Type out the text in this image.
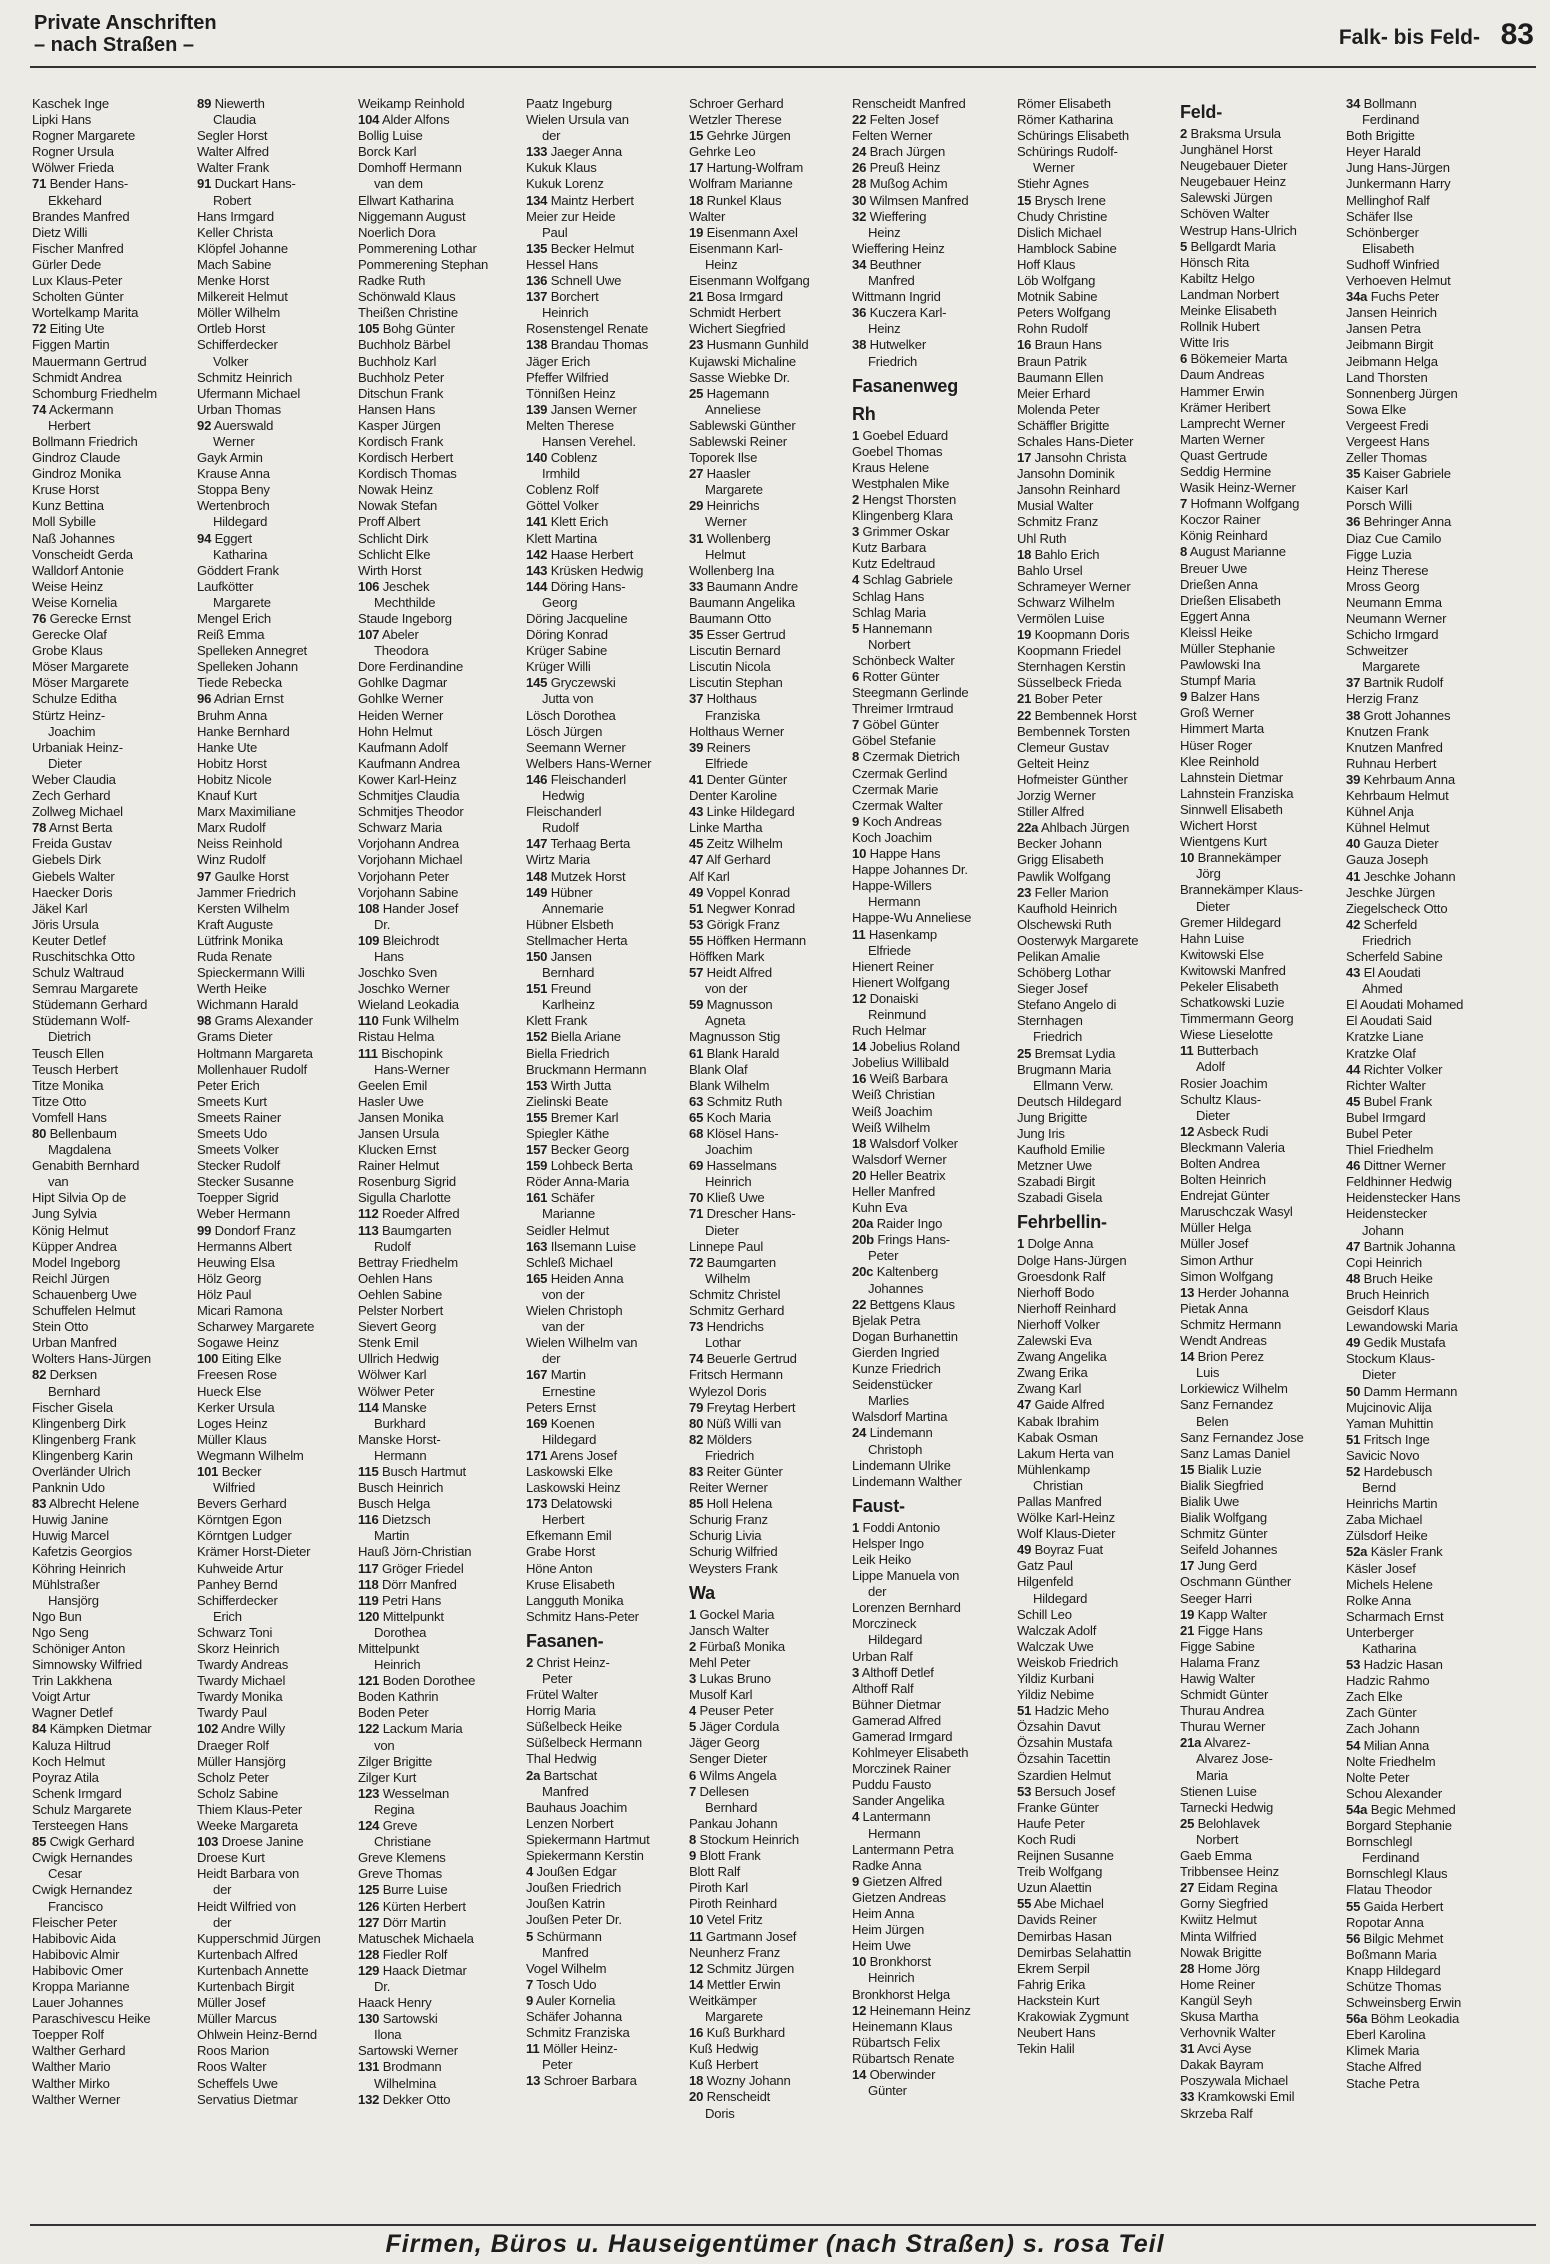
Private Anschriften
– nach Straßen –	Falk- bis Feld- 83
Kaschek Inge
Lipki Hans
Rogner Margarete
Rogner Ursula
Wölwer Frieda
71 Bender Hans-
Ekkehard
Brandes Manfred
Dietz Willi
Fischer Manfred
Gürler Dede
Lux Klaus-Peter
Scholten Günter
Wortelkamp Marita
72 Eiting Ute
Figgen Martin
Mauermann Gertrud
Schmidt Andrea
Schomburg Friedhelm
74 Ackermann
Herbert
Bollmann Friedrich
Gindroz Claude
Gindroz Monika
Kruse Horst
Kunz Bettina
Moll Sybille
Naß Johannes
Vonscheidt Gerda
Walldorf Antonie
Weise Heinz
Weise Kornelia
76 Gerecke Ernst
Gerecke Olaf
Grobe Klaus
Möser Margarete
Möser Margarete
Schulze Editha
Stürtz Heinz-
Joachim
Urbaniak Heinz-
Dieter
Weber Claudia
Zech Gerhard
Zollweg Michael
78 Arnst Berta
Freida Gustav
Giebels Dirk
Giebels Walter
Haecker Doris
Jäkel Karl
Jöris Ursula
Keuter Detlef
Ruschitschka Otto
Schulz Waltraud
Semrau Margarete
Stüdemann Gerhard
Stüdemann Wolf-
Dietrich
Teusch Ellen
Teusch Herbert
Titze Monika
Titze Otto
Vomfell Hans
80 Bellenbaum
Magdalena
Genabith Bernhard
van
Hipt Silvia Op de
Jung Sylvia
König Helmut
Küpper Andrea
Model Ingeborg
Reichl Jürgen
Schauenberg Uwe
Schuffelen Helmut
Stein Otto
Urban Manfred
Wolters Hans-Jürgen
82 Derksen
Bernhard
Fischer Gisela
Klingenberg Dirk
Klingenberg Frank
Klingenberg Karin
Overländer Ulrich
Panknin Udo
83 Albrecht Helene
Huwig Janine
Huwig Marcel
Kafetzis Georgios
Köhring Heinrich
Mühlstraßer
Hansjörg
Ngo Bun
Ngo Seng
Schöniger Anton
Simnowsky Wilfried
Trin Lakkhena
Voigt Artur
Wagner Detlef
84 Kämpken Dietmar
Kaluza Hiltrud
Koch Helmut
Poyraz Atila
Schenk Irmgard
Schulz Margarete
Tersteegen Hans
85 Cwigk Gerhard
Cwigk Hernandes
Cesar
Cwigk Hernandez
Francisco
Fleischer Peter
Habibovic Aida
Habibovic Almir
Habibovic Omer
Kroppa Marianne
Lauer Johannes
Paraschivescu Heike
Toepper Rolf
Walther Gerhard
Walther Mario
Walther Mirko
Walther Werner
89 Niewerth
Claudia
Segler Horst
Walter Alfred
Walter Frank
91 Duckart Hans-
Robert
Hans Irmgard
Keller Christa
Klöpfel Johanne
Mach Sabine
Menke Horst
Milkereit Helmut
Möller Wilhelm
Ortleb Horst
Schifferdecker
Volker
Schmitz Heinrich
Ufermann Michael
Urban Thomas
92 Auerswald
Werner
Gayk Armin
Krause Anna
Stoppa Beny
Wertenbroch
Hildegard
94 Eggert
Katharina
Göddert Frank
Laufkötter
Margarete
Mengel Erich
Reiß Emma
Spelleken Annegret
Spelleken Johann
Tiede Rebecka
96 Adrian Ernst
Bruhm Anna
Hanke Bernhard
Hanke Ute
Hobitz Horst
Hobitz Nicole
Knauf Kurt
Marx Maximiliane
Marx Rudolf
Neiss Reinhold
Winz Rudolf
97 Gaulke Horst
Jammer Friedrich
Kersten Wilhelm
Kraft Auguste
Lütfrink Monika
Ruda Renate
Spieckermann Willi
Werth Heike
Wichmann Harald
98 Grams Alexander
Grams Dieter
Holtmann Margareta
Mollenhauer Rudolf
Peter Erich
Smeets Kurt
Smeets Rainer
Smeets Udo
Smeets Volker
Stecker Rudolf
Stecker Susanne
Toepper Sigrid
Weber Hermann
99 Dondorf Franz
Hermanns Albert
Heuwing Elsa
Hölz Georg
Hölz Paul
Micari Ramona
Scharwey Margarete
Sogawe Heinz
100 Eiting Elke
Freesen Rose
Hueck Else
Kerker Ursula
Loges Heinz
Müller Klaus
Wegmann Wilhelm
101 Becker
Wilfried
Bevers Gerhard
Körntgen Egon
Körntgen Ludger
Krämer Horst-Dieter
Kuhweide Artur
Panhey Bernd
Schifferdecker
Erich
Schwarz Toni
Skorz Heinrich
Twardy Andreas
Twardy Michael
Twardy Monika
Twardy Paul
102 Andre Willy
Draeger Rolf
Müller Hansjörg
Scholz Peter
Scholz Sabine
Thiem Klaus-Peter
Weeke Margareta
103 Droese Janine
Droese Kurt
Heidt Barbara von
der
Heidt Wilfried von
der
Kupperschmid Jürgen
Kurtenbach Alfred
Kurtenbach Annette
Kurtenbach Birgit
Müller Josef
Müller Marcus
Ohlwein Heinz-Bernd
Roos Marion
Roos Walter
Scheffels Uwe
Servatius Dietmar
Weikamp Reinhold
104 Alder Alfons
Bollig Luise
Borck Karl
Domhoff Hermann
van dem
Ellwart Katharina
Niggemann August
Noerlich Dora
Pommerening Lothar
Pommerening Stephan
Radke Ruth
Schönwald Klaus
Theißen Christine
105 Bohg Günter
Buchholz Bärbel
Buchholz Karl
Buchholz Peter
Ditschun Frank
Hansen Hans
Kasper Jürgen
Kordisch Frank
Kordisch Herbert
Kordisch Thomas
Nowak Heinz
Nowak Stefan
Proff Albert
Schlicht Dirk
Schlicht Elke
Wirth Horst
106 Jeschek
Mechthilde
Staude Ingeborg
107 Abeler
Theodora
Dore Ferdinandine
Gohlke Dagmar
Gohlke Werner
Heiden Werner
Hohn Helmut
Kaufmann Adolf
Kaufmann Andrea
Kower Karl-Heinz
Schmitjes Claudia
Schmitjes Theodor
Schwarz Maria
Vorjohann Andrea
Vorjohann Michael
Vorjohann Peter
Vorjohann Sabine
108 Hander Josef
Dr.
109 Bleichrodt
Hans
Joschko Sven
Joschko Werner
Wieland Leokadia
110 Funk Wilhelm
Ristau Helma
111 Bischopink
Hans-Werner
Geelen Emil
Hasler Uwe
Jansen Monika
Jansen Ursula
Klucken Ernst
Rainer Helmut
Rosenburg Sigrid
Sigulla Charlotte
112 Roeder Alfred
113 Baumgarten
Rudolf
Bettray Friedhelm
Oehlen Hans
Oehlen Sabine
Pelster Norbert
Sievert Georg
Stenk Emil
Ullrich Hedwig
Wölwer Karl
Wölwer Peter
114 Manske
Burkhard
Manske Horst-
Hermann
115 Busch Hartmut
Busch Heinrich
Busch Helga
116 Dietzsch
Martin
Hauß Jörn-Christian
117 Gröger Friedel
118 Dörr Manfred
119 Petri Hans
120 Mittelpunkt
Dorothea
Mittelpunkt
Heinrich
121 Boden Dorothee
Boden Kathrin
Boden Peter
122 Lackum Maria
von
Zilger Brigitte
Zilger Kurt
123 Wesselman
Regina
124 Greve
Christiane
Greve Klemens
Greve Thomas
125 Burre Luise
126 Kürten Herbert
127 Dörr Martin
Matuschek Michaela
128 Fiedler Rolf
129 Haack Dietmar
Dr.
Haack Henry
130 Sartowski
Ilona
Sartowski Werner
131 Brodmann
Wilhelmina
132 Dekker Otto
Paatz Ingeburg
Wielen Ursula van
der
133 Jaeger Anna
Kukuk Klaus
Kukuk Lorenz
134 Maintz Herbert
Meier zur Heide
Paul
135 Becker Helmut
Hessel Hans
136 Schnell Uwe
137 Borchert
Heinrich
Rosenstengel Renate
138 Brandau Thomas
Jäger Erich
Pfeffer Wilfried
Tönnißen Heinz
139 Jansen Werner
Melten Therese
Hansen Verehel.
140 Coblenz
Irmhild
Coblenz Rolf
Göttel Volker
141 Klett Erich
Klett Martina
142 Haase Herbert
143 Krüsken Hedwig
144 Döring Hans-
Georg
Döring Jacqueline
Döring Konrad
Krüger Sabine
Krüger Willi
145 Gryczewski
Jutta von
Lösch Dorothea
Lösch Jürgen
Seemann Werner
Welbers Hans-Werner
146 Fleischanderl
Hedwig
Fleischanderl
Rudolf
147 Terhaag Berta
Wirtz Maria
148 Mutzek Horst
149 Hübner
Annemarie
Hübner Elsbeth
Stellmacher Herta
150 Jansen
Bernhard
151 Freund
Karlheinz
Klett Frank
152 Biella Ariane
Biella Friedrich
Bruckmann Hermann
153 Wirth Jutta
Zielinski Beate
155 Bremer Karl
Spiegler Käthe
157 Becker Georg
159 Lohbeck Berta
Röder Anna-Maria
161 Schäfer
Marianne
Seidler Helmut
163 Ilsemann Luise
Schleß Michael
165 Heiden Anna
von der
Wielen Christoph
van der
Wielen Wilhelm van
der
167 Martin
Ernestine
Peters Ernst
169 Koenen
Hildegard
171 Arens Josef
Laskowski Elke
Laskowski Heinz
173 Delatowski
Herbert
Efkemann Emil
Grabe Horst
Höne Anton
Kruse Elisabeth
Langguth Monika
Schmitz Hans-Peter
Fasanen-
2 Christ Heinz-
Peter
Frütel Walter
Horrig Maria
Süßelbeck Heike
Süßelbeck Hermann
Thal Hedwig
2a Bartschat
Manfred
Bauhaus Joachim
Lenzen Norbert
Spiekermann Hartmut
Spiekermann Kerstin
4 Joußen Edgar
Joußen Friedrich
Joußen Katrin
Joußen Peter Dr.
5 Schürmann
Manfred
Vogel Wilhelm
7 Tosch Udo
9 Auler Kornelia
Schäfer Johanna
Schmitz Franziska
11 Möller Heinz-
Peter
13 Schroer Barbara
Schroer Gerhard
Wetzler Therese
15 Gehrke Jürgen
Gehrke Leo
17 Hartung-Wolfram
Wolfram Marianne
18 Runkel Klaus
Walter
19 Eisenmann Axel
Eisenmann Karl-
Heinz
Eisenmann Wolfgang
21 Bosa Irmgard
Schmidt Herbert
Wichert Siegfried
23 Husmann Gunhild
Kujawski Michaline
Sasse Wiebke Dr.
25 Hagemann
Anneliese
Sablewski Günther
Sablewski Reiner
Toporek Ilse
27 Haasler
Margarete
29 Heinrichs
Werner
31 Wollenberg
Helmut
Wollenberg Ina
33 Baumann Andre
Baumann Angelika
Baumann Otto
35 Esser Gertrud
Liscutin Bernard
Liscutin Nicola
Liscutin Stephan
37 Holthaus
Franziska
Holthaus Werner
39 Reiners
Elfriede
41 Denter Günter
Denter Karoline
43 Linke Hildegard
Linke Martha
45 Zeitz Wilhelm
47 Alf Gerhard
Alf Karl
49 Voppel Konrad
51 Negwer Konrad
53 Görigk Franz
55 Höffken Hermann
Höffken Mark
57 Heidt Alfred
von der
59 Magnusson
Agneta
Magnusson Stig
61 Blank Harald
Blank Olaf
Blank Wilhelm
63 Schmitz Ruth
65 Koch Maria
68 Klösel Hans-
Joachim
69 Hasselmans
Heinrich
70 Kließ Uwe
71 Drescher Hans-
Dieter
Linnepe Paul
72 Baumgarten
Wilhelm
Schmitz Christel
Schmitz Gerhard
73 Hendrichs
Lothar
74 Beuerle Gertrud
Fritsch Hermann
Wylezol Doris
79 Freytag Herbert
80 Nüß Willi van
82 Mölders
Friedrich
83 Reiter Günter
Reiter Werner
85 Holl Helena
Schurig Franz
Schurig Livia
Schurig Wilfried
Weysters Frank
Wa
1 Gockel Maria
Jansch Walter
2 Fürbaß Monika
Mehl Peter
3 Lukas Bruno
Musolf Karl
4 Peuser Peter
5 Jäger Cordula
Jäger Georg
Senger Dieter
6 Wilms Angela
7 Dellesen
Bernhard
Pankau Johann
8 Stockum Heinrich
9 Blott Frank
Blott Ralf
Piroth Karl
Piroth Reinhard
10 Vetel Fritz
11 Gartmann Josef
Neunherz Franz
12 Schmitz Jürgen
14 Mettler Erwin
Weitkämper
Margarete
16 Kuß Burkhard
Kuß Hedwig
Kuß Herbert
18 Wozny Johann
20 Renscheidt
Doris
Renscheidt Manfred
22 Felten Josef
Felten Werner
24 Brach Jürgen
26 Preuß Heinz
28 Mußog Achim
30 Wilmsen Manfred
32 Wieffering
Heinz
Wieffering Heinz
34 Beuthner
Manfred
Wittmann Ingrid
36 Kuczera Karl-
Heinz
38 Hutwelker
Friedrich
Fasanenweg
Rh
1 Goebel Eduard
Goebel Thomas
Kraus Helene
Westphalen Mike
2 Hengst Thorsten
Klingenberg Klara
3 Grimmer Oskar
Kutz Barbara
Kutz Edeltraud
4 Schlag Gabriele
Schlag Hans
Schlag Maria
5 Hannemann
Norbert
Schönbeck Walter
6 Rotter Günter
Steegmann Gerlinde
Threimer Irmtraud
7 Göbel Günter
Göbel Stefanie
8 Czermak Dietrich
Czermak Gerlind
Czermak Marie
Czermak Walter
9 Koch Andreas
Koch Joachim
10 Happe Hans
Happe Johannes Dr.
Happe-Willers
Hermann
Happe-Wu Anneliese
11 Hasenkamp
Elfriede
Hienert Reiner
Hienert Wolfgang
12 Donaiski
Reinmund
Ruch Helmar
14 Jobelius Roland
Jobelius Willibald
16 Weiß Barbara
Weiß Christian
Weiß Joachim
Weiß Wilhelm
18 Walsdorf Volker
Walsdorf Werner
20 Heller Beatrix
Heller Manfred
Kuhn Eva
20a Raider Ingo
20b Frings Hans-
Peter
20c Kaltenberg
Johannes
22 Bettgens Klaus
Bjelak Petra
Dogan Burhanettin
Gierden Ingried
Kunze Friedrich
Seidenstücker
Marlies
Walsdorf Martina
24 Lindemann
Christoph
Lindemann Ulrike
Lindemann Walther
Faust-
1 Foddi Antonio
Helsper Ingo
Leik Heiko
Lippe Manuela von
der
Lorenzen Bernhard
Morczineck
Hildegard
Urban Ralf
3 Althoff Detlef
Althoff Ralf
Bühner Dietmar
Gamerad Alfred
Gamerad Irmgard
Kohlmeyer Elisabeth
Morczinek Rainer
Puddu Fausto
Sander Angelika
4 Lantermann
Hermann
Lantermann Petra
Radke Anna
9 Gietzen Alfred
Gietzen Andreas
Heim Anna
Heim Jürgen
Heim Uwe
10 Bronkhorst
Heinrich
Bronkhorst Helga
12 Heinemann Heinz
Heinemann Klaus
Rübartsch Felix
Rübartsch Renate
14 Oberwinder
Günter
Römer Elisabeth
Römer Katharina
Schürings Elisabeth
Schürings Rudolf-
Werner
Stiehr Agnes
15 Brysch Irene
Chudy Christine
Dislich Michael
Hamblock Sabine
Hoff Klaus
Löb Wolfgang
Motnik Sabine
Peters Wolfgang
Rohn Rudolf
16 Braun Hans
Braun Patrik
Baumann Ellen
Meier Erhard
Molenda Peter
Schäffler Brigitte
Schales Hans-Dieter
17 Jansohn Christa
Jansohn Dominik
Jansohn Reinhard
Musial Walter
Schmitz Franz
Uhl Ruth
18 Bahlo Erich
Bahlo Ursel
Schrameyer Werner
Schwarz Wilhelm
Vermölen Luise
19 Koopmann Doris
Koopmann Friedel
Sternhagen Kerstin
Süsselbeck Frieda
21 Bober Peter
22 Bembennek Horst
Bembennek Torsten
Clemeur Gustav
Gelteit Heinz
Hofmeister Günther
Jorzig Werner
Stiller Alfred
22a Ahlbach Jürgen
Becker Johann
Grigg Elisabeth
Pawlik Wolfgang
23 Feller Marion
Kaufhold Heinrich
Olschewski Ruth
Oosterwyk Margarete
Pelikan Amalie
Schöberg Lothar
Sieger Josef
Stefano Angelo di
Sternhagen
Friedrich
25 Bremsat Lydia
Brugmann Maria
Ellmann Verw.
Deutsch Hildegard
Jung Brigitte
Jung Iris
Kaufhold Emilie
Metzner Uwe
Szabadi Birgit
Szabadi Gisela
Fehrbellin-
1 Dolge Anna
Dolge Hans-Jürgen
Groesdonk Ralf
Nierhoff Bodo
Nierhoff Reinhard
Nierhoff Volker
Zalewski Eva
Zwang Angelika
Zwang Erika
Zwang Karl
47 Gaide Alfred
Kabak Ibrahim
Kabak Osman
Lakum Herta van
Mühlenkamp
Christian
Pallas Manfred
Wölke Karl-Heinz
Wolf Klaus-Dieter
49 Boyraz Fuat
Gatz Paul
Hilgenfeld
Hildegard
Schill Leo
Walczak Adolf
Walczak Uwe
Weiskob Friedrich
Yildiz Kurbani
Yildiz Nebime
51 Hadzic Meho
Özsahin Davut
Özsahin Mustafa
Özsahin Tacettin
Szardien Helmut
53 Bersuch Josef
Franke Günter
Haufe Peter
Koch Rudi
Reijnen Susanne
Treib Wolfgang
Uzun Alaettin
55 Abe Michael
Davids Reiner
Demirbas Hasan
Demirbas Selahattin
Ekrem Serpil
Fahrig Erika
Hackstein Kurt
Krakowiak Zygmunt
Neubert Hans
Tekin Halil
Feld-
2 Braksma Ursula
Junghänel Horst
Neugebauer Dieter
Neugebauer Heinz
Salewski Jürgen
Schöven Walter
Westrup Hans-Ulrich
5 Bellgardt Maria
Hönsch Rita
Kabiltz Helgo
Landman Norbert
Meinke Elisabeth
Rollnik Hubert
Witte Iris
6 Bökemeier Marta
Daum Andreas
Hammer Erwin
Krämer Heribert
Lamprecht Werner
Marten Werner
Quast Gertrude
Seddig Hermine
Wasik Heinz-Werner
7 Hofmann Wolfgang
Koczor Rainer
König Reinhard
8 August Marianne
Breuer Uwe
Drießen Anna
Drießen Elisabeth
Eggert Anna
Kleissl Heike
Müller Stephanie
Pawlowski Ina
Stumpf Maria
9 Balzer Hans
Groß Werner
Himmert Marta
Hüser Roger
Klee Reinhold
Lahnstein Dietmar
Lahnstein Franziska
Sinnwell Elisabeth
Wichert Horst
Wientgens Kurt
10 Brannekämper
Jörg
Brannekämper Klaus-
Dieter
Gremer Hildegard
Hahn Luise
Kwitowski Else
Kwitowski Manfred
Pekeler Elisabeth
Schatkowski Luzie
Timmermann Georg
Wiese Lieselotte
11 Butterbach
Adolf
Rosier Joachim
Schultz Klaus-
Dieter
12 Asbeck Rudi
Bleckmann Valeria
Bolten Andrea
Bolten Heinrich
Endrejat Günter
Maruschczak Wasyl
Müller Helga
Müller Josef
Simon Arthur
Simon Wolfgang
13 Herder Johanna
Pietak Anna
Schmitz Hermann
Wendt Andreas
14 Brion Perez
Luis
Lorkiewicz Wilhelm
Sanz Fernandez
Belen
Sanz Fernandez Jose
Sanz Lamas Daniel
15 Bialik Luzie
Bialik Siegfried
Bialik Uwe
Bialik Wolfgang
Schmitz Günter
Seifeld Johannes
17 Jung Gerd
Oschmann Günther
Seeger Harri
19 Kapp Walter
21 Figge Hans
Figge Sabine
Halama Franz
Hawig Walter
Schmidt Günter
Thurau Andrea
Thurau Werner
21a Alvarez-
Alvarez Jose-
Maria
Stienen Luise
Tarnecki Hedwig
25 Belohlavek
Norbert
Gaeb Emma
Tribbensee Heinz
27 Eidam Regina
Gorny Siegfried
Kwiitz Helmut
Minta Wilfried
Nowak Brigitte
28 Home Jörg
Home Reiner
Kangül Seyh
Skusa Martha
Verhovnik Walter
31 Avci Ayse
Dakak Bayram
Poszywala Michael
33 Kramkowski Emil
Skrzeba Ralf
34 Bollmann
Ferdinand
Both Brigitte
Heyer Harald
Jung Hans-Jürgen
Junkermann Harry
Mellinghof Ralf
Schäfer Ilse
Schönberger
Elisabeth
Sudhoff Winfried
Verhoeven Helmut
34a Fuchs Peter
Jansen Heinrich
Jansen Petra
Jeibmann Birgit
Jeibmann Helga
Land Thorsten
Sonnenberg Jürgen
Sowa Elke
Vergeest Fredi
Vergeest Hans
Zeller Thomas
35 Kaiser Gabriele
Kaiser Karl
Porsch Willi
36 Behringer Anna
Diaz Cue Camilo
Figge Luzia
Heinz Therese
Mross Georg
Neumann Emma
Neumann Werner
Schicho Irmgard
Schweitzer
Margarete
37 Bartnik Rudolf
Herzig Franz
38 Grott Johannes
Knutzen Frank
Knutzen Manfred
Ruhnau Herbert
39 Kehrbaum Anna
Kehrbaum Helmut
Kühnel Anja
Kühnel Helmut
40 Gauza Dieter
Gauza Joseph
41 Jeschke Johann
Jeschke Jürgen
Ziegelscheck Otto
42 Scherfeld
Friedrich
Scherfeld Sabine
43 El Aoudati
Ahmed
El Aoudati Mohamed
El Aoudati Said
Kratzke Liane
Kratzke Olaf
44 Richter Volker
Richter Walter
45 Bubel Frank
Bubel Irmgard
Bubel Peter
Thiel Friedhelm
46 Dittner Werner
Feldhinner Hedwig
Heidenstecker Hans
Heidenstecker
Johann
47 Bartnik Johanna
Copi Heinrich
48 Bruch Heike
Bruch Heinrich
Geisdorf Klaus
Lewandowski Maria
49 Gedik Mustafa
Stockum Klaus-
Dieter
50 Damm Hermann
Mujcinovic Alija
Yaman Muhittin
51 Fritsch Inge
Savicic Novo
52 Hardebusch
Bernd
Heinrichs Martin
Zaba Michael
Zülsdorf Heike
52a Käsler Frank
Käsler Josef
Michels Helene
Rolke Anna
Scharmach Ernst
Unterberger
Katharina
53 Hadzic Hasan
Hadzic Rahmo
Zach Elke
Zach Günter
Zach Johann
54 Milian Anna
Nolte Friedhelm
Nolte Peter
Schou Alexander
54a Begic Mehmed
Borgard Stephanie
Bornschlegl
Ferdinand
Bornschlegl Klaus
Flatau Theodor
55 Gaida Herbert
Ropotar Anna
56 Bilgic Mehmet
Boßmann Maria
Knapp Hildegard
Schütze Thomas
Schweinsberg Erwin
56a Böhm Leokadia
Eberl Karolina
Klimek Maria
Stache Alfred
Stache Petra
Firmen, Büros u. Hauseigentümer (nach Straßen) s. rosa Teil
